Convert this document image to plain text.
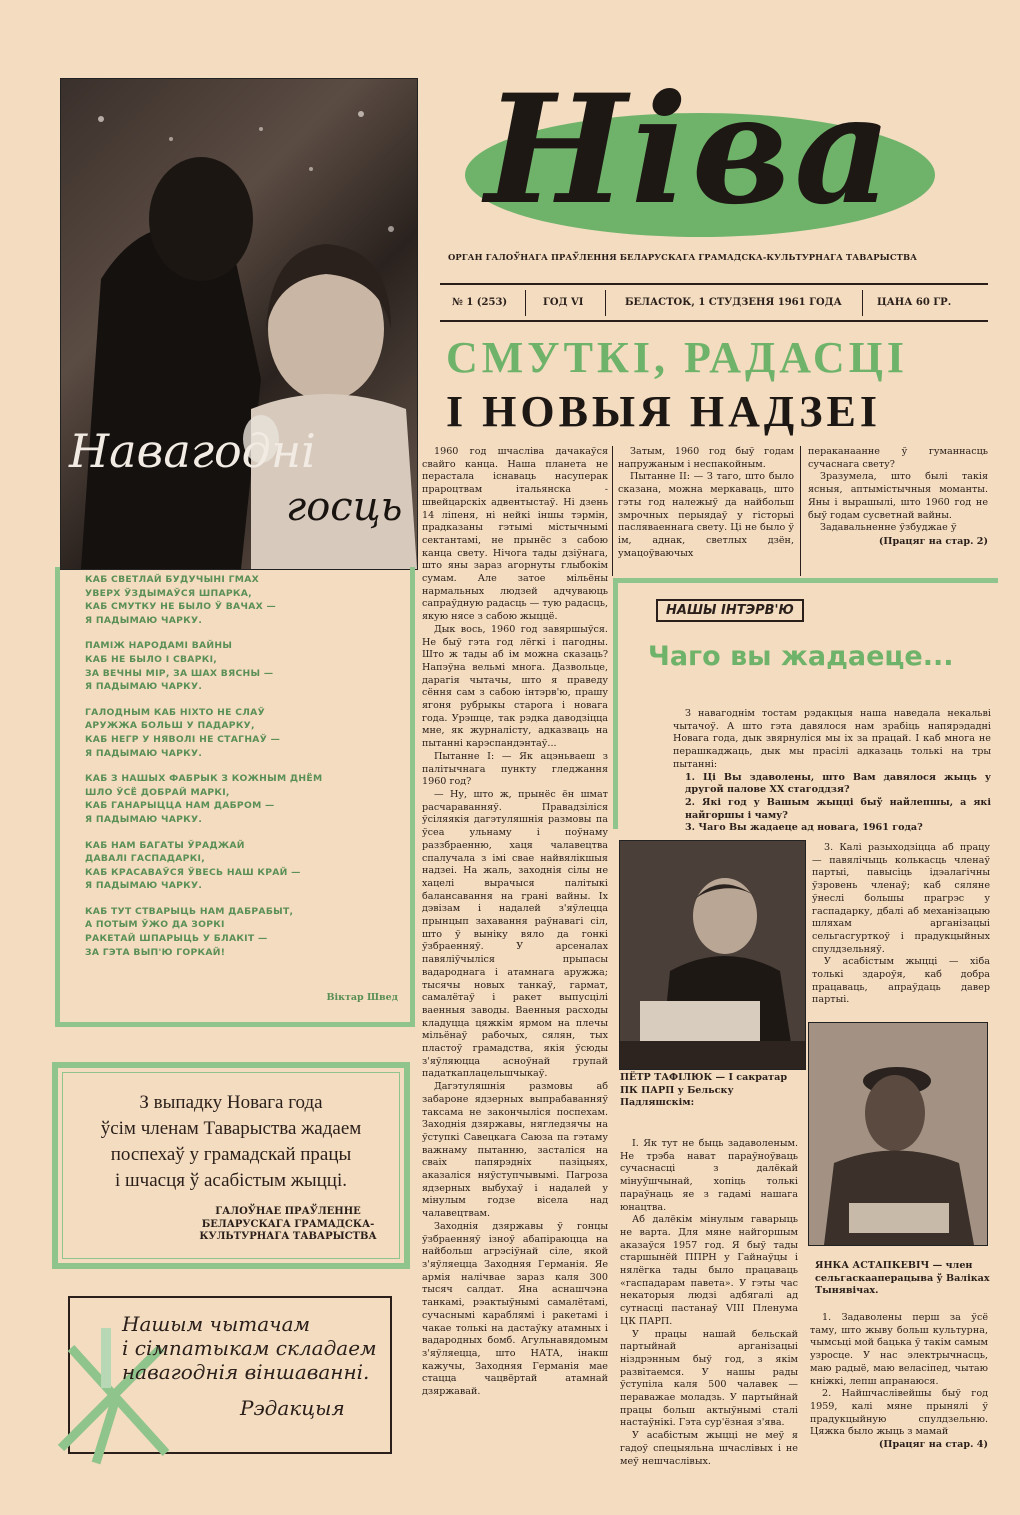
Ніва
ОРГАН ГАЛОЎНАГА ПРАЎЛЕННЯ БЕЛАРУСКАГА ГРАМАДСКА-КУЛЬТУРНАГА ТАВАРЫСТВА
№ 1 (253)	ГОД VI	БЕЛАСТОК, 1 СТУДЗЕНЯ 1961 ГОДА	ЦАНА 60 ГР.
Навагодні
госць
КАБ СВЕТЛАЙ БУДУЧЫНІ ГМАХ
УВЕРХ ЎЗДЫМАЎСЯ ШПАРКА,
КАБ СМУТКУ НЕ БЫЛО Ў ВАЧАХ —
Я ПАДЫМАЮ ЧАРКУ.
ПАМІЖ НАРОДАМІ ВАЙНЫ
КАБ НЕ БЫЛО І СВАРКІ,
ЗА ВЕЧНЫ МІР, ЗА ШАХ ВЯСНЫ —
Я ПАДЫМАЮ ЧАРКУ.
ГАЛОДНЫМ КАБ НІХТО НЕ СЛАЎ
АРУЖЖА БОЛЬШ У ПАДАРКУ,
КАБ НЕГР У НЯВОЛІ НЕ СТАГНАЎ —
Я ПАДЫМАЮ ЧАРКУ.
КАБ З НАШЫХ ФАБРЫК З КОЖНЫМ ДНЁМ
ШЛО ЎСЁ ДОБРАЙ МАРКІ,
КАБ ГАНАРЫЦЦА НАМ ДАБРОМ —
Я ПАДЫМАЮ ЧАРКУ.
КАБ НАМ БАГАТЫ ЎРАДЖАЙ
ДАВАЛІ ГАСПАДАРКІ,
КАБ КРАСАВАЎСЯ ЎВЕСЬ НАШ КРАЙ —
Я ПАДЫМАЮ ЧАРКУ.
КАБ ТУТ СТВАРЫЦЬ НАМ ДАБРАБЫТ,
А ПОТЫМ ЎЖО ДА ЗОРКІ
РАКЕТАЙ ШПАРЫЦЬ У БЛАКІТ —
ЗА ГЭТА ВЫП'Ю ГОРКАЙ!
Віктар Швед
З выпадку Новага года
ўсім членам Таварыства жадаем
поспехаў у грамадскай працы
і шчасця ў асабістым жыцці.
ГАЛОЎНАЕ ПРАЎЛЕННЕ
БЕЛАРУСКАГА ГРАМАДСКА-
КУЛЬТУРНАГА ТАВАРЫСТВА
Нашым чытачам
і сімпатыкам складаем
навагоднія віншаванні.
Рэдакцыя
СМУТКІ, РАДАСЦІ
І НОВЫЯ НАДЗЕІ

1960 год шчасліва дачакаўся свайго канца. Наша планета не перастала існаваць насуперак прароцтвам італьянска - швейцарскіх адвентыстаў. Ні дзень 14 ліпеня, ні нейкі іншы тэрмін, прадказаны гэтымі містычнымі сектантамі, не прынёс з сабою канца свету. Нічога тады дзіўнага, што яны зараз агорнуты глыбокім сумам. Але затое мільёны нармальных людзей адчуваюць сапраўдную радасць — тую радасць, якую нясе з сабою жыццё.

Дык вось, 1960 год завяршыўся. Не быў гэта год лёгкі і пагодны. Што ж тады аб ім можна сказаць? Напэўна вельмі многа. Дазвольце, дарагія чытачы, што я праведу сёння сам з сабою інтэрв'ю, прашу ягоня рубрыкы старога і новага года. Урэшце, так рэдка даводзіцца мне, як журналісту, адказваць на пытанні карэспандэнтаў...

Пытанне І: — Як ацэньваеш з палітычнага пункту гледжання 1960 год?

— Ну, што ж, прынёс ён шмат расчараванняў. Правадзіліся ўсіляякія дагэтуляшнія размовы па ўсеа ульнаму і поўнаму раззбраенню, хаця чалавецтва спалучала з імі свае найвялікшыя надзеі. На жаль, заходнія сілы не хацелі вырачыся палітыкі балансавання на грані вайны. Іх дэвізам і надалей з'яўлецца прынцып захавання раўнавагі сіл, што ў выніку вяло да гонкі ўзбраенняў. У арсеналах павяліўчыліся прыпасы вадароднага і атамнага аружжа; тысячы новых танкаў, гармат, самалётаў і ракет выпусцілі ваенныя заводы. Ваенныя расходы кладуцца цяжкім ярмом на плечы мільёнаў рабочых, сялян, тых пластоў грамадства, якія ўсюды з'яўляюцца асноўнай групай падаткаплацельшчыкаў.

Дагэтуляшнія размовы аб забароне ядзерных выпрабаванняў таксама не закончыліся поспехам. Заходнія дзяржавы, нягледзячы на ўступкі Савецкага Саюза па гэтаму важнаму пытанню, засталіся на сваіх папярэдніх пазіцыях, аказаліся няўступчывымі. Пагроза ядзерных выбухаў і надалей у мінулым годзе вісела над чалавецтвам.

Заходнія дзяржавы ў гонцы ўзбраенняў ізноў абапіраюцца на найбольш агрэсіўнай сіле, якой з'яўляецца Заходняя Германія. Яе армія налічвае зараз каля 300 тысяч салдат. Яна аснашчэна танкамі, рэактыўнымі самалётамі, сучаснымі караблямі і ракетамі і чакае толькі на дастаўку атамных і вадародных бомб. Агульнавядомым з'яўляецца, што НАТА, інакш кажучы, Заходняя Германія мае стаццa чацвёртай атамнай дзяржавай.

Затым, 1960 год быў годам напружаным і неспакойным.

Пытанне ІІ: — З таго, што было сказана, можна меркаваць, што гэты год належыў да найбольш змрочных перыядаў у гісторыі пасляваеннага свету. Ці не было ў ім, аднак, светлых дзён, умацоўваючых

пераканаанне ў гуманнасць сучаснага свету?

Зразумела, што былі такія ясныя, аптымістычныя моманты. Яны і вырашылі, што 1960 год не быў годам сусветнай вайны.

Задавальненне ўзбуджае ў

(Працяг на стар. 2)
НАШЫ ІНТЭРВ'Ю
Чаго вы жадаеце...

З навагоднім тостам рэдакцыя наша наведала некальві чытачоў. А што гэта давялося нам зрабіць напярэдадні Новага года, дык звярнуліся мы іх за працай. І каб многа не перашкаджаць, дык мы прасілі адказаць толькі на тры пытанні:

1. Ці Вы здаволены, што Вам давялося жыць у другой палове ХХ стагоддзя?
2. Які год у Вашым жыцці быў найлепшы, а які найгоршы і чаму?
3. Чаго Вы жадаеце ад новага, 1961 года?
ПЁТР ТАФІЛЮК — І сакратар ПК ПАРП у Бельску Падляшскім:

І. Як тут не быць задаволеным. Не трэба нават параўноўваць сучаснасці з далёкай мінуўшчынай, хопіць толькі параўнаць яе з гадамі нашага юнацтва.

Аб далёкім мінулым гаварыць не варта. Для мяне найгоршым аказаўся 1957 год. Я быў тады старшынёй ППРН у Гайнаўцы і нялёгка тады было працаваць «гаспадарам павета». У гэты час некаторыя людзі адбягалі ад сутнасці пастанаў VIII Пленума ЦК ПАРП.

У працы нашай бельскай партыйнай арганізацыі ніздрэнным быў год, з якім развітаемся. У нашы рады ўступіла каля 500 чалавек — пераважае моладзь. У партыйнай працы больш актыўнымі сталі настаўнікі. Гэта сур'ёзная з'ява.

У асабістым жыцці не меў я гадоў спецыяльна шчаслівых і не меў нешчаслівых.

3. Калі разыходзіцца аб працу — павялічыць колькасць членаў партыі, павысіць ідэалагічны ўзровень членаў; каб сяляне ўнеслі большы прагрэс у гаспадарку, дбалі аб механізацыю шляхам арганізацыі сельгасгурткоў і прадукцыйных спулдзельняў.

У асабістым жыцці — хіба толькі здароўя, каб добра працаваць, апраўдаць давер партыі.

ЯНКА АСТАПКЕВІЧ — член сельгаскааперацыва ў Валіках Тынявічах.

1. Задаволены перш за ўсё таму, што жыву больш культурна, чымсьці мой бацька ў такім самым узросце. У нас электрычнасць, маю радыё, маю веласіпед, чытаю кніжкі, лепш апранаюся.

2. Найшчаслівейшы быў год 1959, калі мяне прынялі ў прадукцыйную спулдзельню. Цяжка было жыць з мамай

(Працяг на стар. 4)
